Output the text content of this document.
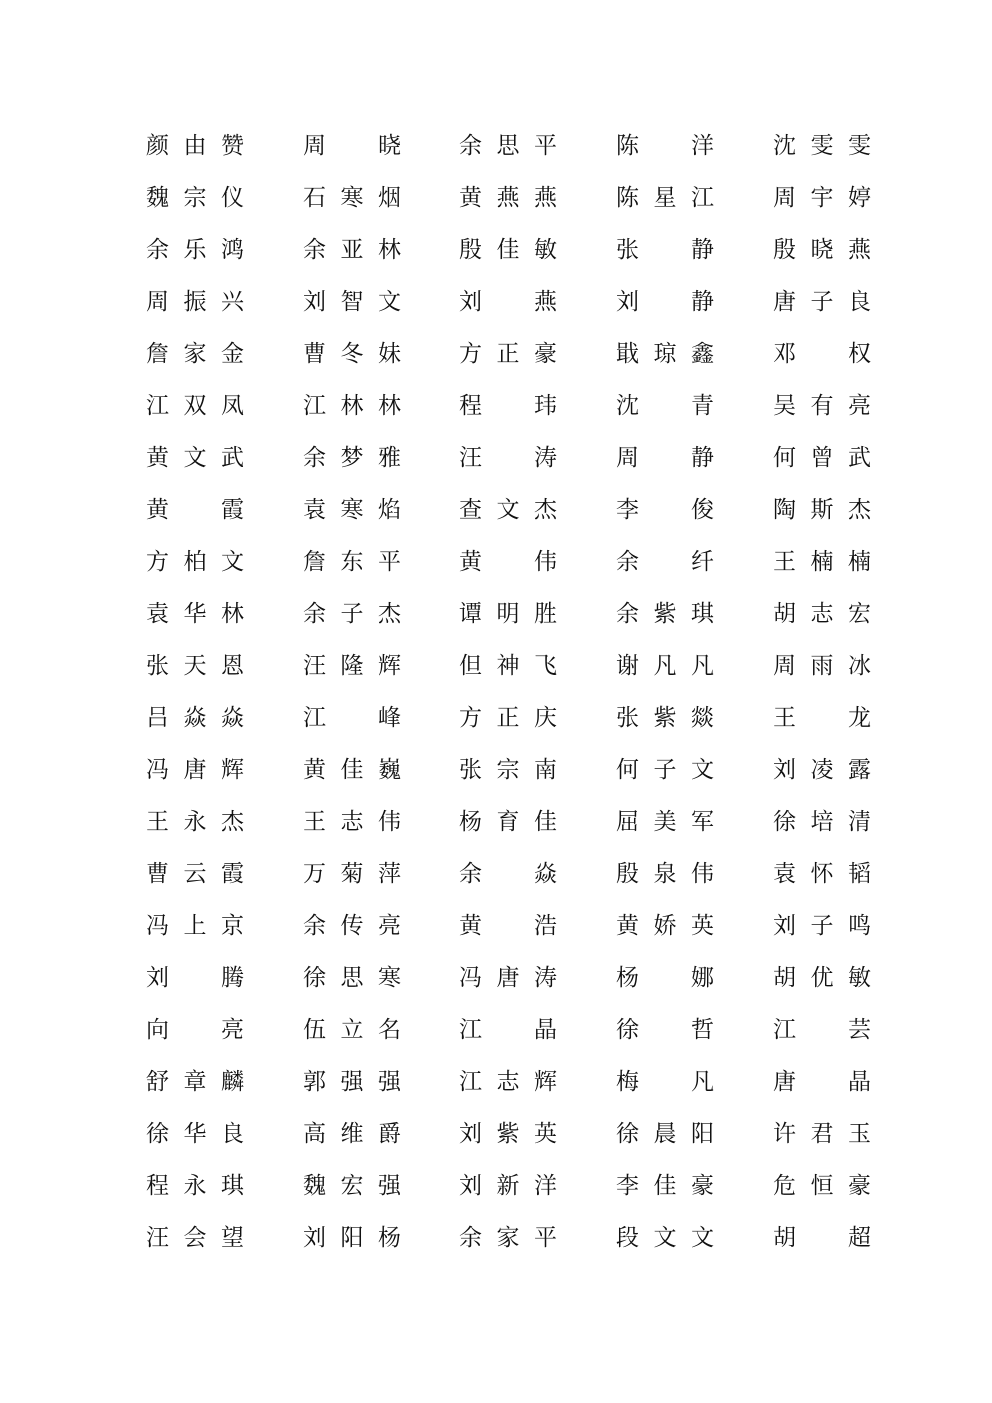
颜 由 赞	周 晓	余 思 平	陈 洋	沈 雯 雯
魏 宗 仪	石 寒 烟	黄 燕 燕	陈 星 江	周 宇 婷
余 乐 鸿	余 亚 林	殷 佳 敏	张 静	殷 晓 燕
周 振 兴	刘 智 文	刘 燕	刘 静	唐 子 良
詹 家 金	曹 冬 妹	方 正 豪	戢 琼 鑫	邓 权
江 双 凤	江 林 林	程 玮	沈 青	吴 有 亮
黄 文 武	余 梦 雅	汪 涛	周 静	何 曾 武
黄 霞	袁 寒 焰	查 文 杰	李 俊	陶 斯 杰
方 柏 文	詹 东 平	黄 伟	余 纤	王 楠 楠
袁 华 林	余 子 杰	谭 明 胜	余 紫 琪	胡 志 宏
张 天 恩	汪 隆 辉	但 神 飞	谢 凡 凡	周 雨 冰
吕 焱 焱	江 峰	方 正 庆	张 紫 燚	王 龙
冯 唐 辉	黄 佳 巍	张 宗 南	何 子 文	刘 凌 露
王 永 杰	王 志 伟	杨 育 佳	屈 美 军	徐 培 清
曹 云 霞	万 菊 萍	余 焱	殷 泉 伟	袁 怀 韬
冯 上 京	余 传 亮	黄 浩	黄 娇 英	刘 子 鸣
刘 腾	徐 思 寒	冯 唐 涛	杨 娜	胡 优 敏
向 亮	伍 立 名	江 晶	徐 哲	江 芸
舒 章 麟	郭 强 强	江 志 辉	梅 凡	唐 晶
徐 华 良	高 维 爵	刘 紫 英	徐 晨 阳	许 君 玉
程 永 琪	魏 宏 强	刘 新 洋	李 佳 豪	危 恒 豪
汪 会 望	刘 阳 杨	余 家 平	段 文 文	胡 超
